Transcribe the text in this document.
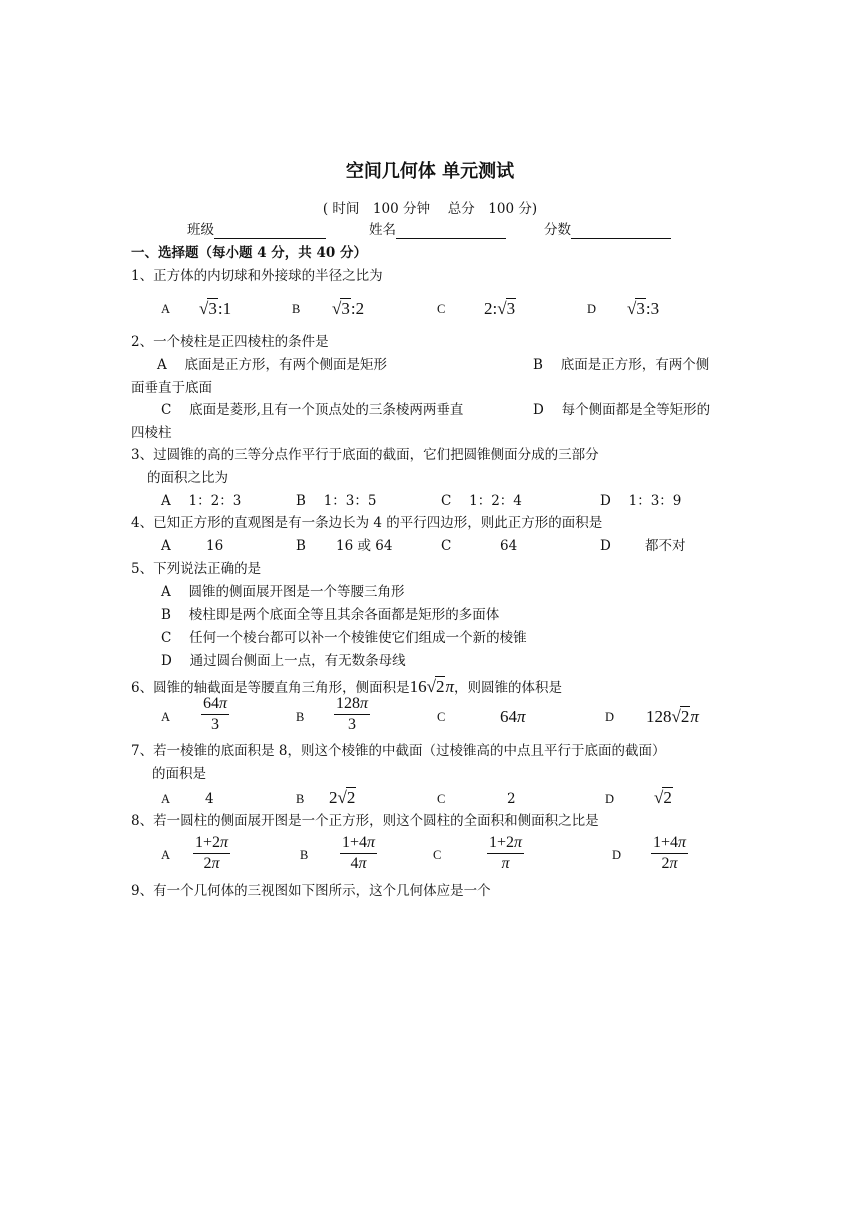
空间几何体 单元测试
( 时间　100 分钟　 总分　100 分)
班级	姓名	分数
一、选择题（每小题 4 分，共 40 分）
1、正方体的内切球和外接球的半径之比为
A	√ 3:1	B	√ 3:2	C 2: √ 3	D	√ 3:3
2、一个棱柱是正四棱柱的条件是
A　 底面是正方形，有两个侧面是矩形	B　 底面是正方形，有两个侧
面垂直于底面
C　 底面是菱形,且有一个顶点处的三条棱两两垂直	D　 每个侧面都是全等矩形的
四棱柱
3、过圆锥的高的三等分点作平行于底面的截面，它们把圆锥侧面分成的三部分
的面积之比为
A　 1：2：3	B　 1：3：5	C　 1：2：4	D　 1：3：9
4、已知正方形的直观图是有一条边长为 4 的平行四边形，则此正方形的面积是
A	16	B 16 或 64	C	64	D	都不对
5、下列说法正确的是
A　 圆锥的侧面展开图是一个等腰三角形
B　 棱柱即是两个底面全等且其余各面都是矩形的多面体
C　 任何一个棱台都可以补一个棱锥使它们组成一个新的棱锥
D　 通过圆台侧面上一点，有无数条母线
6、圆锥的轴截面是等腰直角三角形，侧面积是16 √ 2π，则圆锥的体积是
A $\frac{64\pi}{3}$	B $\frac{128\pi}{3}$	C	64π	D 128 √ 2π
7、若一棱锥的底面积是 8，则这个棱锥的中截面（过棱锥高的中点且平行于底面的截面）
的面积是
A	4	B 2 √ 2	C	2	D	√ 2
8、若一圆柱的侧面展开图是一个正方形，则这个圆柱的全面积和侧面积之比是
A $\frac{1+2\pi}{2\pi}$	B $\frac{1+4\pi}{4\pi}$	C	$\frac{1+2\pi}{\pi}$	D $\frac{1+4\pi}{2\pi}$
9、有一个几何体的三视图如下图所示，这个几何体应是一个
